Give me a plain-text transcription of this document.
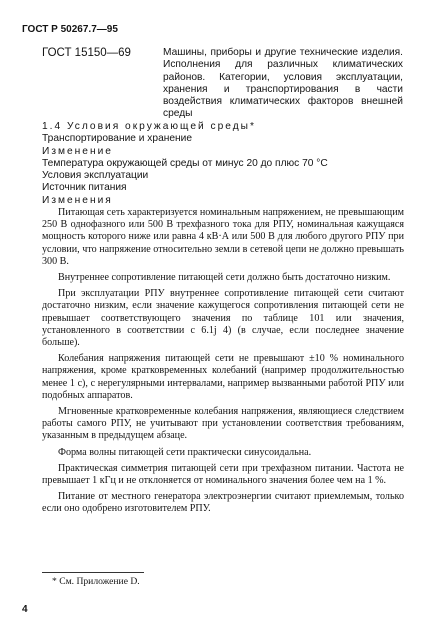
ГОСТ Р 50267.7—95
ГОСТ 15150—69	Машины, приборы и другие технические изделия. Исполнения для различных климатических районов. Категории, условия эксплуатации, хранения и транспортирования в части воздействия климатических факторов внешней среды
1.4 Условия окружающей среды*
Транспортирование и хранение
Изменение
Температура окружающей среды от минус 20 до плюс 70 °С
Условия эксплуатации
Источник питания
Изменения

Питающая сеть характеризуется номинальным напряжением, не превышающим 250 В однофазного или 500 В трехфазного тока для РПУ, номинальная кажущаяся мощность которого ниже или равна 4 кВ·А или 500 В для любого другого РПУ при условии, что напряжение относительно земли в сетевой цепи не должно превышать 300 В.

Внутреннее сопротивление питающей сети должно быть достаточно низким.

При эксплуатации РПУ внутреннее сопротивление питающей сети считают достаточно низким, если значение кажущегося сопротивления питающей сети не превышает соответствующего значения по таблице 101 или значения, установленного в соответствии с 6.1j 4) (в случае, если последнее значение больше).

Колебания напряжения питающей сети не превышают ±10 % номинального напряжения, кроме кратковременных колебаний (например продолжительностью менее 1 с), с нерегулярными интервалами, например вызванными работой РПУ или подобных аппаратов.

Мгновенные кратковременные колебания напряжения, являющиеся следствием работы самого РПУ, не учитывают при установлении соответствия требованиям, указанным в предыдущем абзаце.

Форма волны питающей сети практически синусоидальна.

Практическая симметрия питающей сети при трехфазном питании. Частота не превышает 1 кГц и не отклоняется от номинального значения более чем на 1 %.

Питание от местного генератора электроэнергии считают приемлемым, только если оно одобрено изготовителем РПУ.

* См. Приложение D.
4
